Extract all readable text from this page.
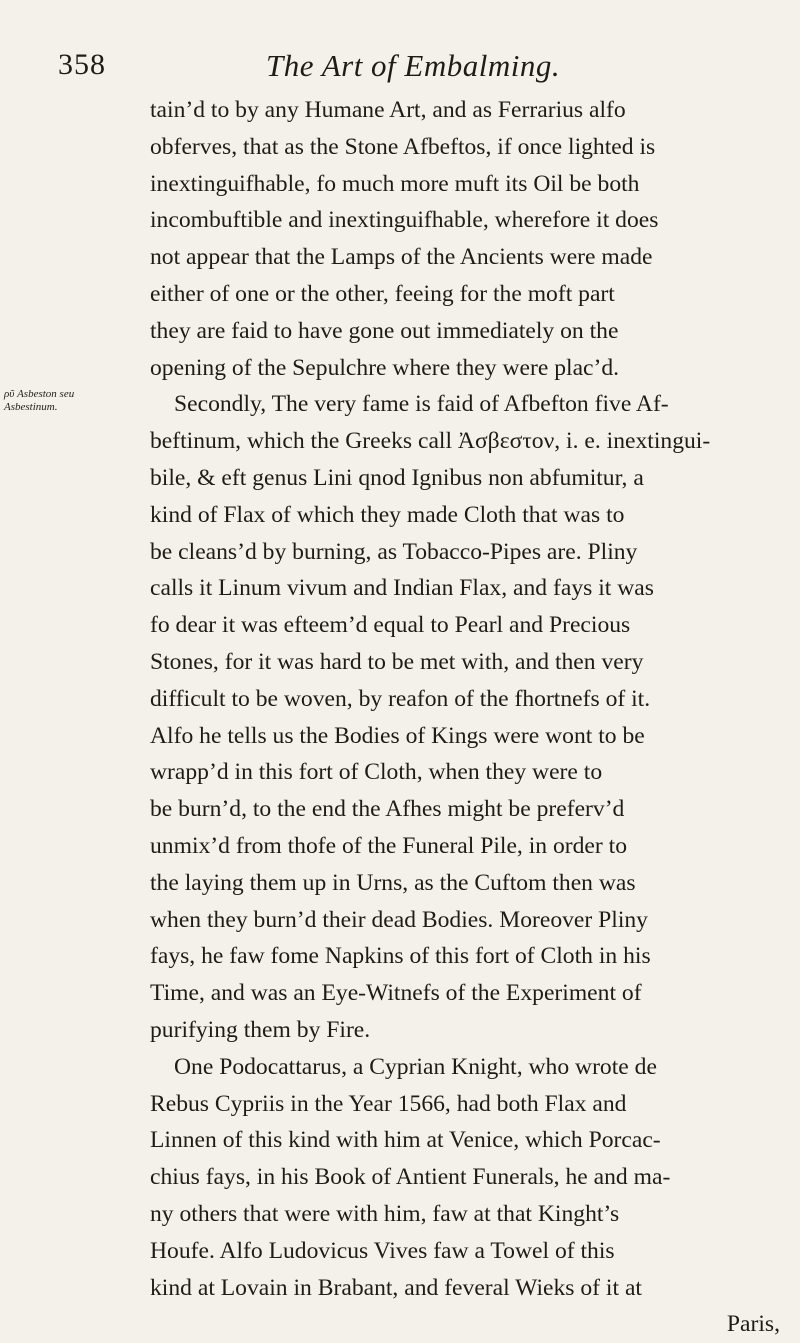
358	The Art of Embalming.
ρῦ Asbeston seu
Asbestinum.
tain’d to by any Humane Art, and as Ferrarius alfo
obferves, that as the Stone Afbeftos, if once lighted is
inextinguifhable, fo much more muft its Oil be both
incombuftible and inextinguifhable, wherefore it does
not appear that the Lamps of the Ancients were made
either of one or the other, feeing for the moft part
they are faid to have gone out immediately on the
opening of the Sepulchre where they were plac’d.
Secondly, The very fame is faid of Afbefton five Af-
beftinum, which the Greeks call Ἀσβεστον, i. e. inextingui-
bile, & eft genus Lini qnod Ignibus non abfumitur, a
kind of Flax of which they made Cloth that was to
be cleans’d by burning, as Tobacco-Pipes are. Pliny
calls it Linum vivum and Indian Flax, and fays it was
fo dear it was efteem’d equal to Pearl and Precious
Stones, for it was hard to be met with, and then very
difficult to be woven, by reafon of the fhortnefs of it.
Alfo he tells us the Bodies of Kings were wont to be
wrapp’d in this fort of Cloth, when they were to
be burn’d, to the end the Afhes might be preferv’d
unmix’d from thofe of the Funeral Pile, in order to
the laying them up in Urns, as the Cuftom then was
when they burn’d their dead Bodies. Moreover Pliny
fays, he faw fome Napkins of this fort of Cloth in his
Time, and was an Eye-Witnefs of the Experiment of
purifying them by Fire.
One Podocattarus, a Cyprian Knight, who wrote de
Rebus Cypriis in the Year 1566, had both Flax and
Linnen of this kind with him at Venice, which Porcac-
chius fays, in his Book of Antient Funerals, he and ma-
ny others that were with him, faw at that Kinght’s
Houfe. Alfo Ludovicus Vives faw a Towel of this
kind at Lovain in Brabant, and feveral Wieks of it at
Paris,
